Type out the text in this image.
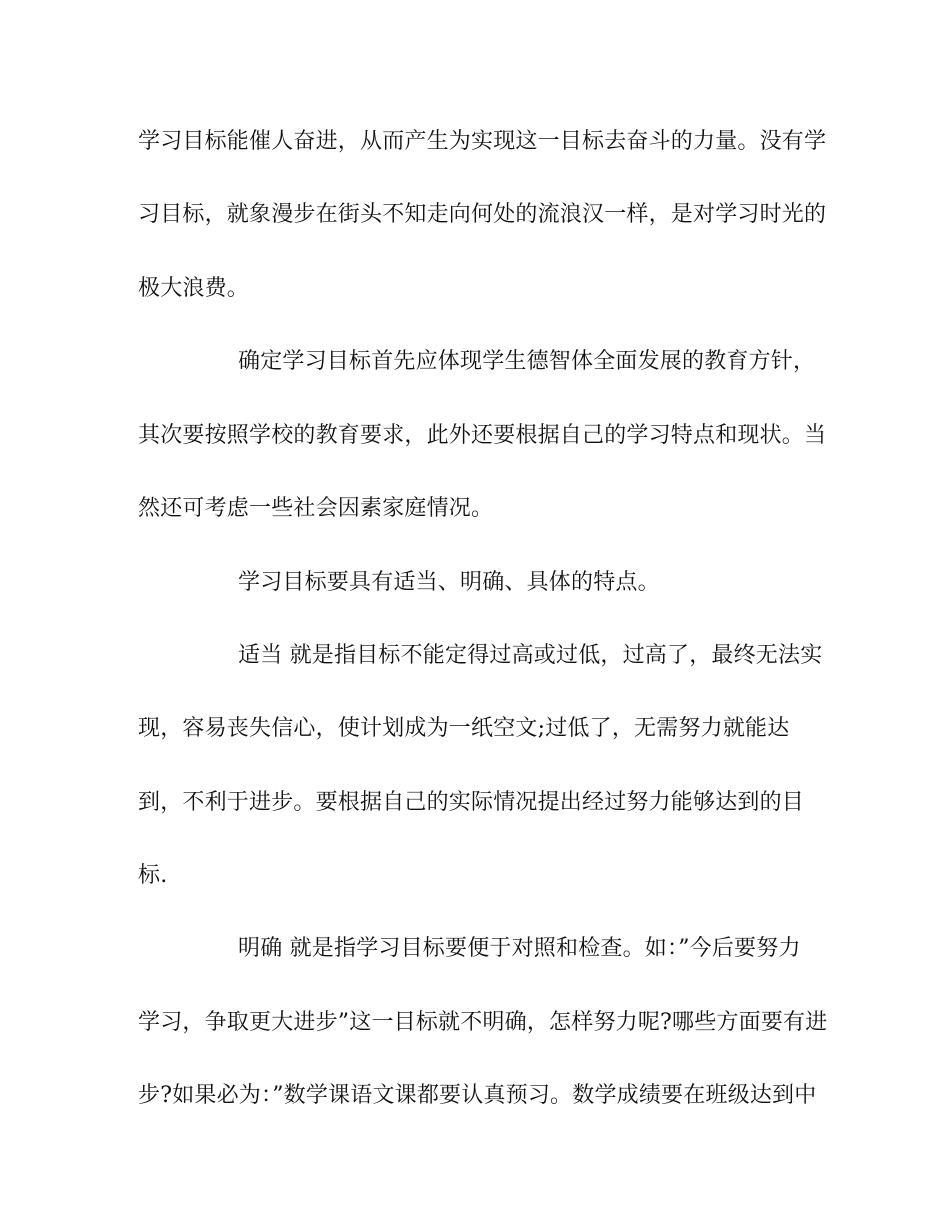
学习目标能催人奋进，从而产生为实现这一目标去奋斗的力量。没有学
习目标，就象漫步在街头不知走向何处的流浪汉一样，是对学习时光的
极大浪费。
确定学习目标首先应体现学生德智体全面发展的教育方针，
其次要按照学校的教育要求，此外还要根据自己的学习特点和现状。当
然还可考虑一些社会因素家庭情况。
学习目标要具有适当、明确、具体的特点。
适当 就是指目标不能定得过高或过低，过高了，最终无法实
现，容易丧失信心，使计划成为一纸空文;过低了，无需努力就能达
到，不利于进步。要根据自己的实际情况提出经过努力能够达到的目
标.
明确 就是指学习目标要便于对照和检查。如：”今后要努力
学习，争取更大进步”这一目标就不明确，怎样努力呢?哪些方面要有进
步?如果必为：”数学课语文课都要认真预习。数学成绩要在班级达到中
